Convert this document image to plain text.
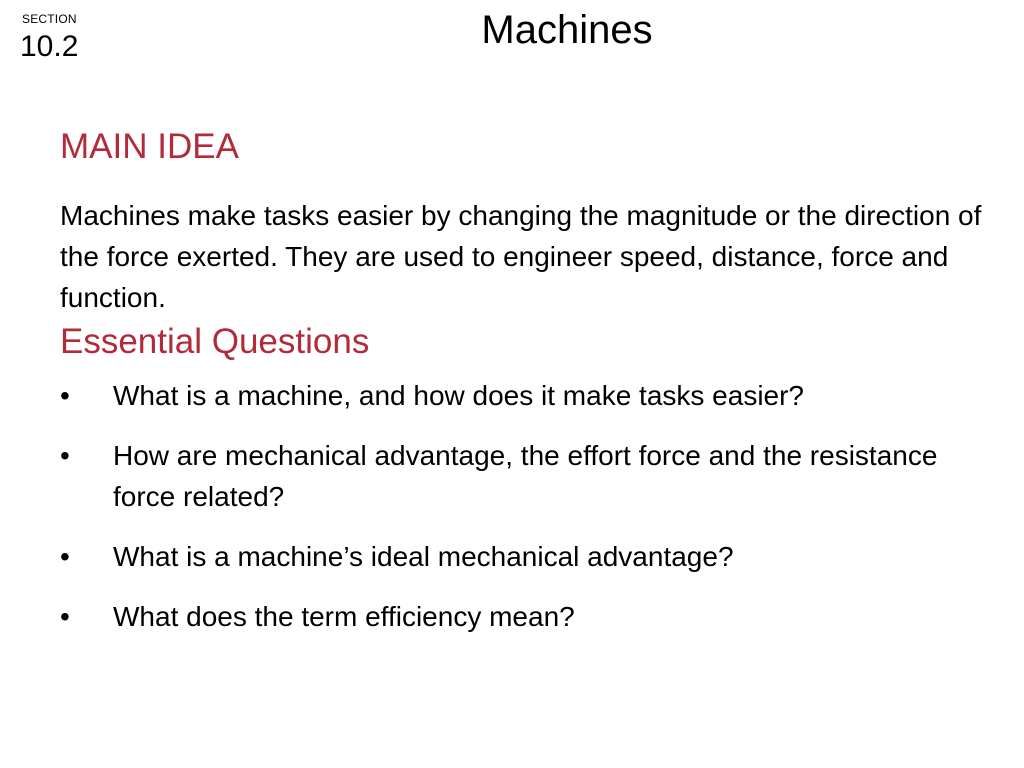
SECTION
10.2	Machines
MAIN IDEA
Machines make tasks easier by changing the magnitude or the direction of the force exerted. They are used to engineer speed, distance, force and function.
Essential Questions
•	What is a machine, and how does it make tasks easier?
•	How are mechanical advantage, the effort force and the resistance force related?
•	What is a machine’s ideal mechanical advantage?
•	What does the term efficiency mean?
